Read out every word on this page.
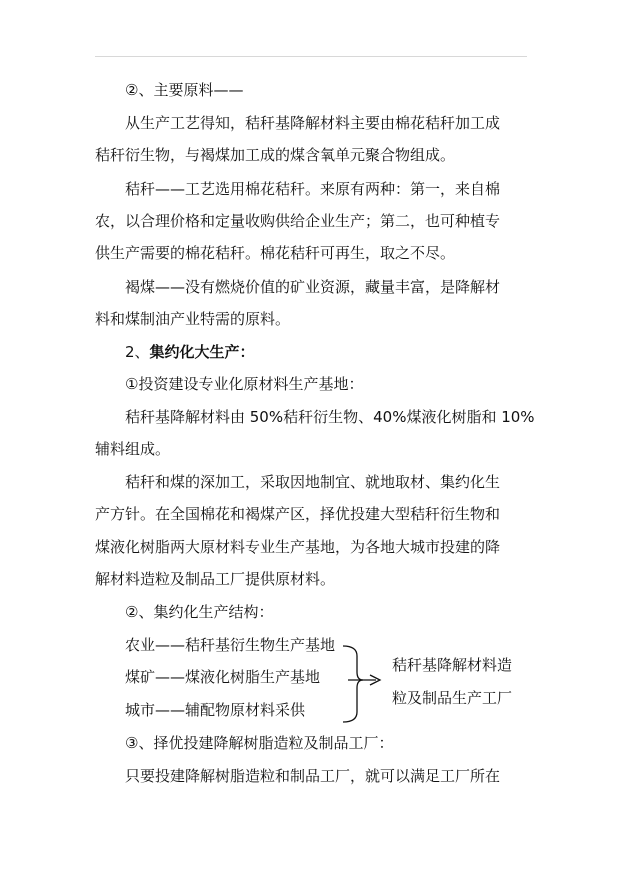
②、主要原料——

从生产工艺得知，秸秆基降解材料主要由棉花秸秆加工成

秸秆衍生物，与褐煤加工成的煤含氧单元聚合物组成。

秸秆——工艺选用棉花秸秆。来原有两种：第一，来自棉

农，以合理价格和定量收购供给企业生产；第二，也可种植专

供生产需要的棉花秸秆。棉花秸秆可再生，取之不尽。

褐煤——没有燃烧价值的矿业资源，藏量丰富，是降解材

料和煤制油产业特需的原料。

2、集约化大生产：

①投资建设专业化原材料生产基地：

秸秆基降解材料由 50%秸秆衍生物、40%煤液化树脂和 10%

辅料组成。

秸秆和煤的深加工，采取因地制宜、就地取材、集约化生

产方针。在全国棉花和褐煤产区，择优投建大型秸秆衍生物和

煤液化树脂两大原材料专业生产基地，为各地大城市投建的降

解材料造粒及制品工厂提供原材料。

②、集约化生产结构：

农业——秸秆基衍生物生产基地

煤矿——煤液化树脂生产基地

城市——辅配物原材料采供

秸秆基降解材料造

粒及制品生产工厂

③、择优投建降解树脂造粒及制品工厂：

只要投建降解树脂造粒和制品工厂，就可以满足工厂所在
